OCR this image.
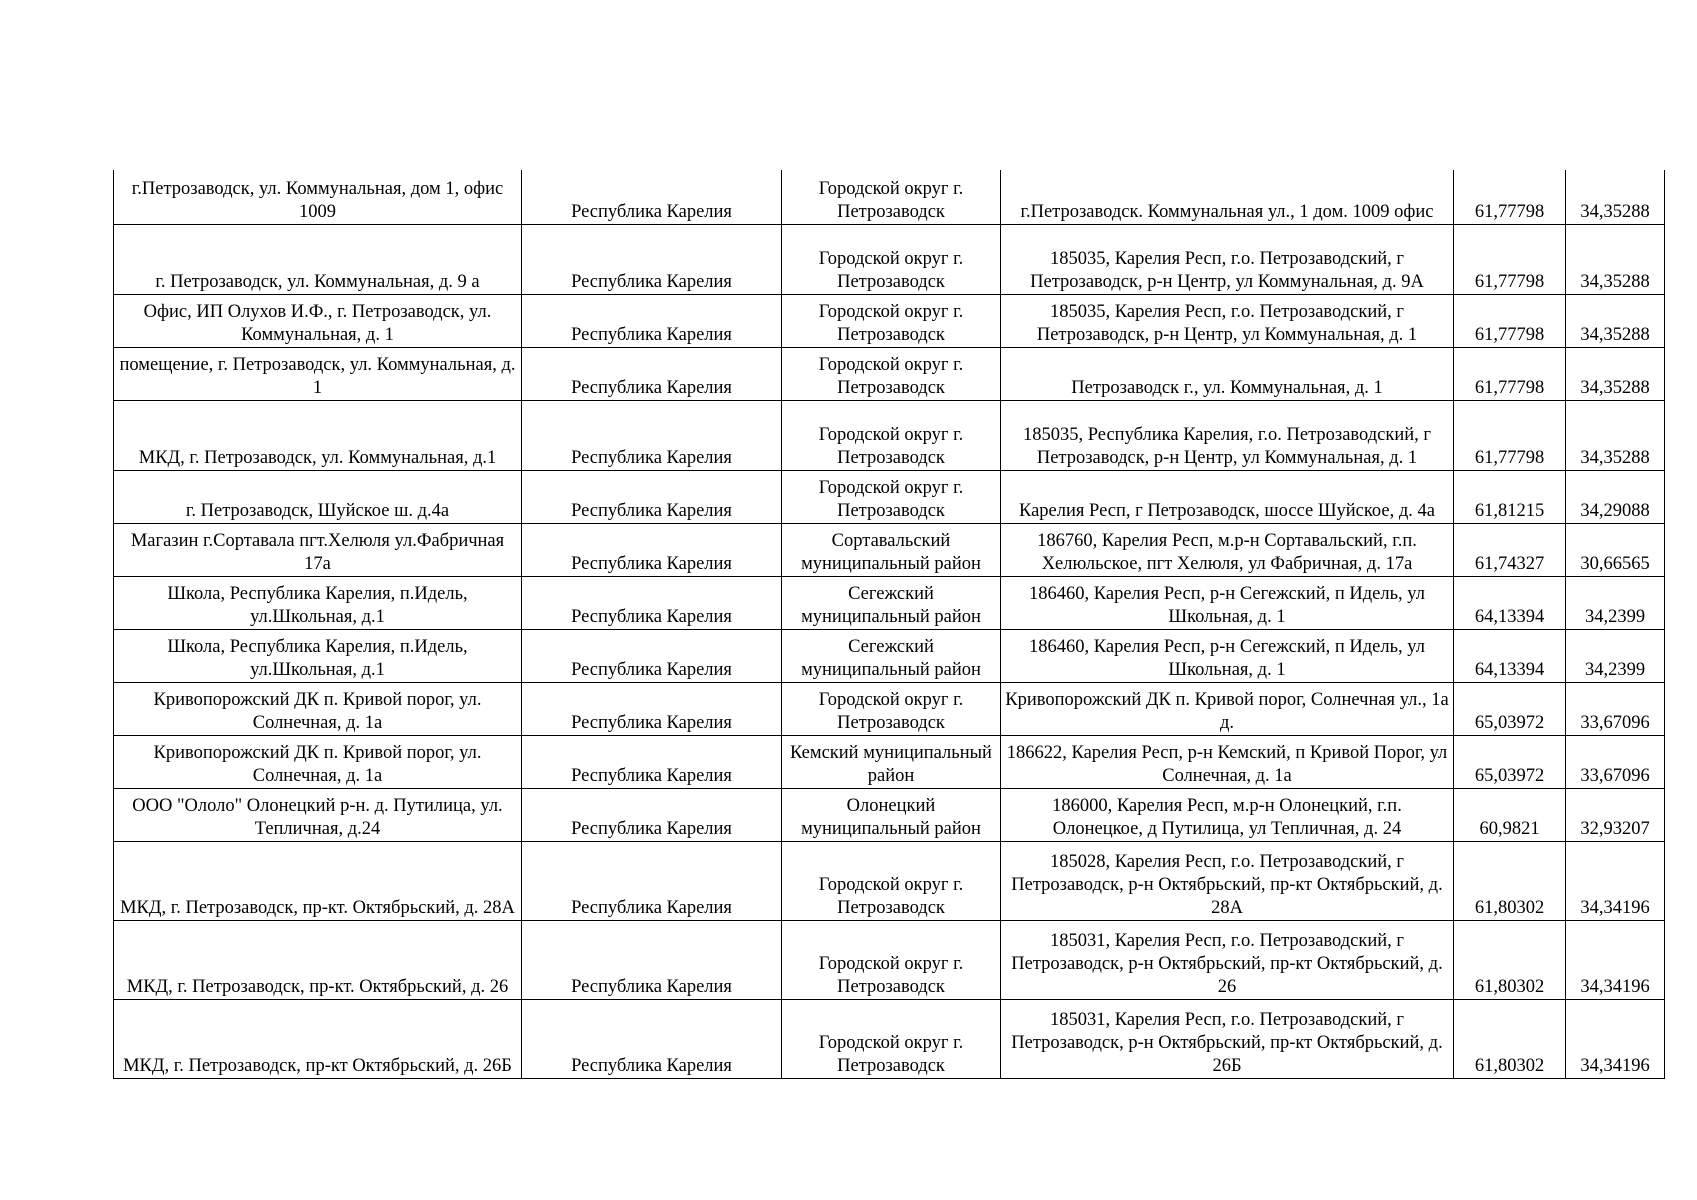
г.Петрозаводск, ул. Коммунальная, дом 1, офис 1009	Республика Карелия	Городской округ г. Петрозаводск	г.Петрозаводск. Коммунальная ул., 1 дом. 1009 офис	61,77798	34,35288
г. Петрозаводск, ул. Коммунальная, д. 9 а	Республика Карелия	Городской округ г. Петрозаводск	185035, Карелия Респ, г.о. Петрозаводский, г Петрозаводск, р-н Центр, ул Коммунальная, д. 9А	61,77798	34,35288
Офис, ИП Олухов И.Ф., г. Петрозаводск, ул. Коммунальная, д. 1	Республика Карелия	Городской округ г. Петрозаводск	185035, Карелия Респ, г.о. Петрозаводский, г Петрозаводск, р-н Центр, ул Коммунальная, д. 1	61,77798	34,35288
помещение, г. Петрозаводск, ул. Коммунальная, д. 1	Республика Карелия	Городской округ г. Петрозаводск	Петрозаводск г., ул. Коммунальная, д. 1	61,77798	34,35288
МКД, г. Петрозаводск, ул. Коммунальная, д.1	Республика Карелия	Городской округ г. Петрозаводск	185035, Республика Карелия, г.о. Петрозаводский, г Петрозаводск, р-н Центр, ул Коммунальная, д. 1	61,77798	34,35288
г. Петрозаводск, Шуйское ш. д.4а	Республика Карелия	Городской округ г. Петрозаводск	Карелия Респ, г Петрозаводск, шоссе Шуйское, д. 4а	61,81215	34,29088
Магазин г.Сортавала пгт.Хелюля ул.Фабричная 17а	Республика Карелия	Сортавальский муниципальный район	186760, Карелия Респ, м.р-н Сортавальский, г.п. Хелюльское, пгт Хелюля, ул Фабричная, д. 17а	61,74327	30,66565
Школа, Республика Карелия, п.Идель, ул.Школьная, д.1	Республика Карелия	Сегежский муниципальный район	186460, Карелия Респ, р-н Сегежский, п Идель, ул Школьная, д. 1	64,13394	34,2399
Школа, Республика Карелия, п.Идель, ул.Школьная, д.1	Республика Карелия	Сегежский муниципальный район	186460, Карелия Респ, р-н Сегежский, п Идель, ул Школьная, д. 1	64,13394	34,2399
Кривопорожский ДК п. Кривой порог, ул. Солнечная, д. 1а	Республика Карелия	Городской округ г. Петрозаводск	Кривопорожский ДК п. Кривой порог, Солнечная ул., 1а д.	65,03972	33,67096
Кривопорожский ДК п. Кривой порог, ул. Солнечная, д. 1а	Республика Карелия	Кемский муниципальный район	186622, Карелия Респ, р-н Кемский, п Кривой Порог, ул Солнечная, д. 1а	65,03972	33,67096
ООО "Ололо" Олонецкий р-н. д. Путилица, ул. Тепличная, д.24	Республика Карелия	Олонецкий муниципальный район	186000, Карелия Респ, м.р-н Олонецкий, г.п. Олонецкое, д Путилица, ул Тепличная, д. 24	60,9821	32,93207
МКД, г. Петрозаводск, пр-кт. Октябрьский, д. 28А	Республика Карелия	Городской округ г. Петрозаводск	185028, Карелия Респ, г.о. Петрозаводский, г Петрозаводск, р-н Октябрьский, пр-кт Октябрьский, д. 28А	61,80302	34,34196
МКД, г. Петрозаводск, пр-кт. Октябрьский, д. 26	Республика Карелия	Городской округ г. Петрозаводск	185031, Карелия Респ, г.о. Петрозаводский, г Петрозаводск, р-н Октябрьский, пр-кт Октябрьский, д. 26	61,80302	34,34196
МКД, г. Петрозаводск, пр-кт Октябрьский, д. 26Б	Республика Карелия	Городской округ г. Петрозаводск	185031, Карелия Респ, г.о. Петрозаводский, г Петрозаводск, р-н Октябрьский, пр-кт Октябрьский, д. 26Б	61,80302	34,34196
